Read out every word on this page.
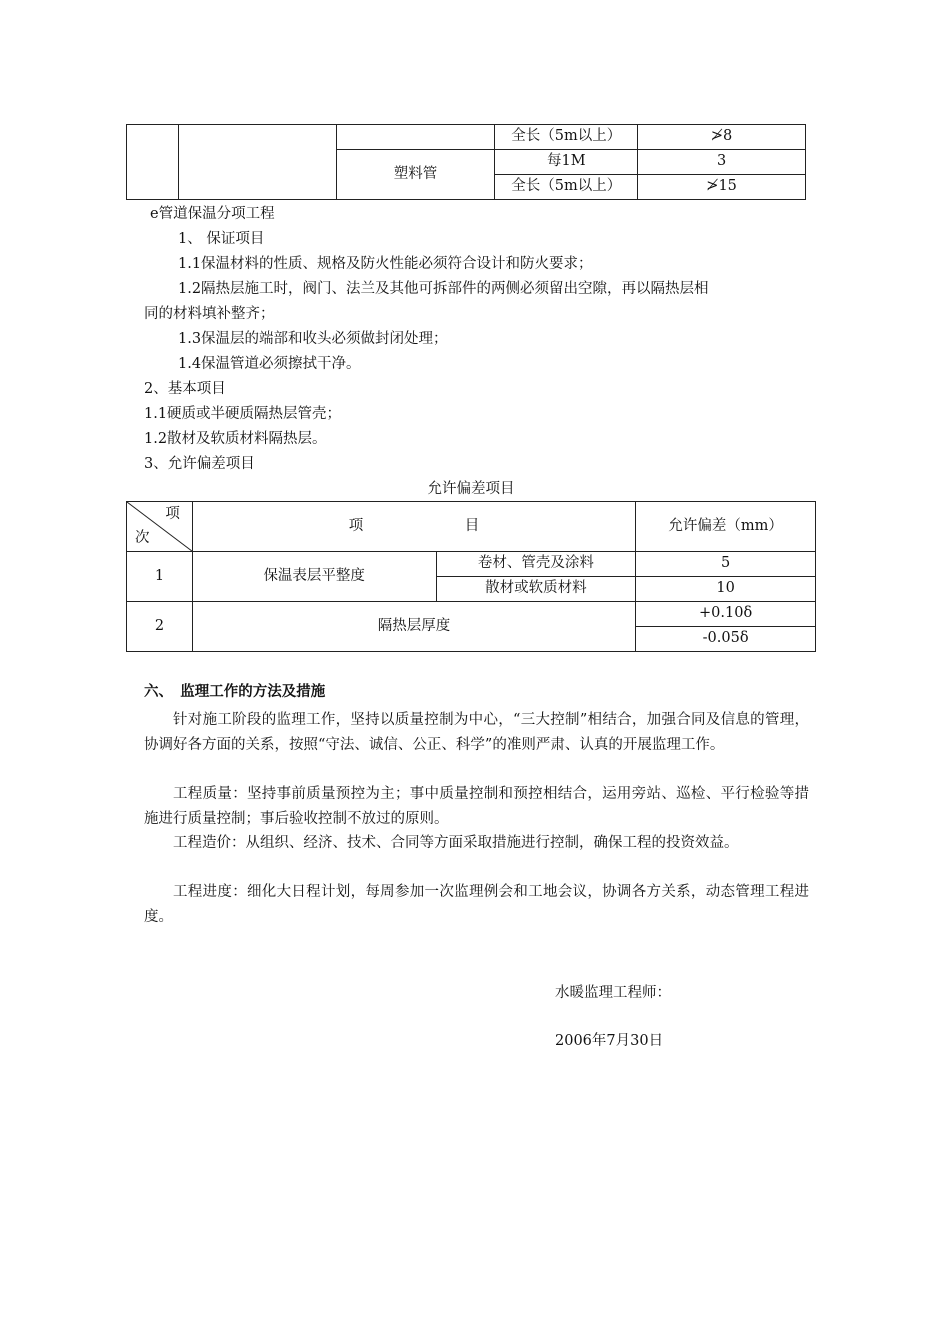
			全长（5m以上）	≯8
		塑料管	每1M	3
			全长（5m以上）	≯15
e管道保温分项工程
1、 保证项目
1.1保温材料的性质、规格及防火性能必须符合设计和防火要求；
1.2隔热层施工时，阀门、法兰及其他可拆部件的两侧必须留出空隙，再以隔热层相
同的材料填补整齐；
1.3保温层的端部和收头必须做封闭处理；
1.4保温管道必须擦拭干净。
2、基本项目
1.1硬质或半硬质隔热层管壳；
1.2散材及软质材料隔热层。
3、允许偏差项目
允许偏差项目
项
次	项　　　　　　　目		允许偏差（mm）
1	保温表层平整度	卷材、管壳及涂料	5
		散材或软质材料	10
2	隔热层厚度		+0.10δ
			-0.05δ
六、　监理工作的方法及措施
针对施工阶段的监理工作，坚持以质量控制为中心，“三大控制”相结合，加强合同及信息的管理，协调好各方面的关系，按照“守法、诚信、公正、科学”的准则严肃、认真的开展监理工作。
工程质量：坚持事前质量预控为主；事中质量控制和预控相结合，运用旁站、巡检、平行检验等措施进行质量控制；事后验收控制不放过的原则。
工程造价：从组织、经济、技术、合同等方面采取措施进行控制，确保工程的投资效益。
工程进度：细化大日程计划，每周参加一次监理例会和工地会议，协调各方关系，动态管理工程进度。
水暖监理工程师：
2006年7月30日
